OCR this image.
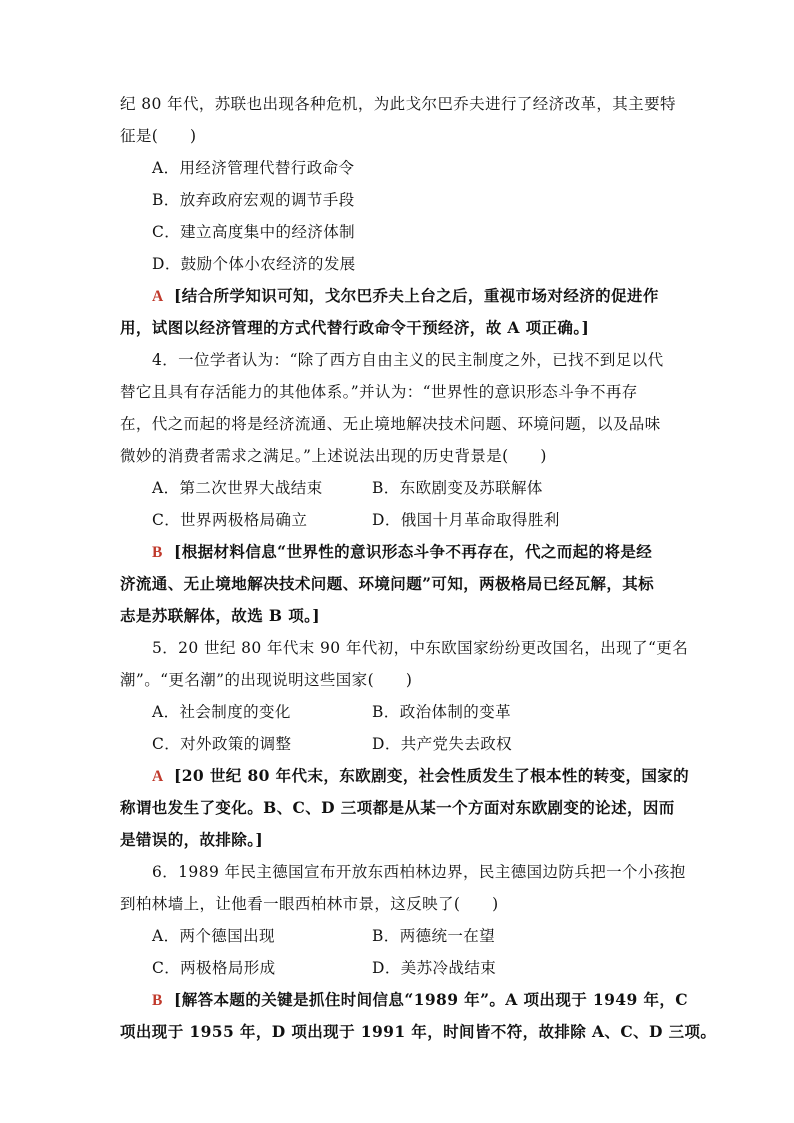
纪 80 年代，苏联也出现各种危机，为此戈尔巴乔夫进行了经济改革，其主要特
征是(　　)
A．用经济管理代替行政命令
B．放弃政府宏观的调节手段
C．建立高度集中的经济体制
D．鼓励个体小农经济的发展
A [结合所学知识可知，戈尔巴乔夫上台之后，重视市场对经济的促进作
用，试图以经济管理的方式代替行政命令干预经济，故 A 项正确。]
4．一位学者认为：“除了西方自由主义的民主制度之外，已找不到足以代
替它且具有存活能力的其他体系。”并认为：“世界性的意识形态斗争不再存
在，代之而起的将是经济流通、无止境地解决技术问题、环境问题，以及品味
微妙的消费者需求之满足。”上述说法出现的历史背景是(　　)
A．第二次世界大战结束	B．东欧剧变及苏联解体
C．世界两极格局确立	D．俄国十月革命取得胜利
B [根据材料信息“世界性的意识形态斗争不再存在，代之而起的将是经
济流通、无止境地解决技术问题、环境问题”可知，两极格局已经瓦解，其标
志是苏联解体，故选 B 项。]
5．20 世纪 80 年代末 90 年代初，中东欧国家纷纷更改国名，出现了“更名
潮”。“更名潮”的出现说明这些国家(　　)
A．社会制度的变化	B．政治体制的变革
C．对外政策的调整	D．共产党失去政权
A [20 世纪 80 年代末，东欧剧变，社会性质发生了根本性的转变，国家的
称谓也发生了变化。B、C、D 三项都是从某一个方面对东欧剧变的论述，因而
是错误的，故排除。]
6．1989 年民主德国宣布开放东西柏林边界，民主德国边防兵把一个小孩抱
到柏林墙上，让他看一眼西柏林市景，这反映了(　　)
A．两个德国出现	B．两德统一在望
C．两极格局形成	D．美苏冷战结束
B [解答本题的关键是抓住时间信息“1989 年”。A 项出现于 1949 年，C
项出现于 1955 年，D 项出现于 1991 年，时间皆不符，故排除 A、C、D 三项。
